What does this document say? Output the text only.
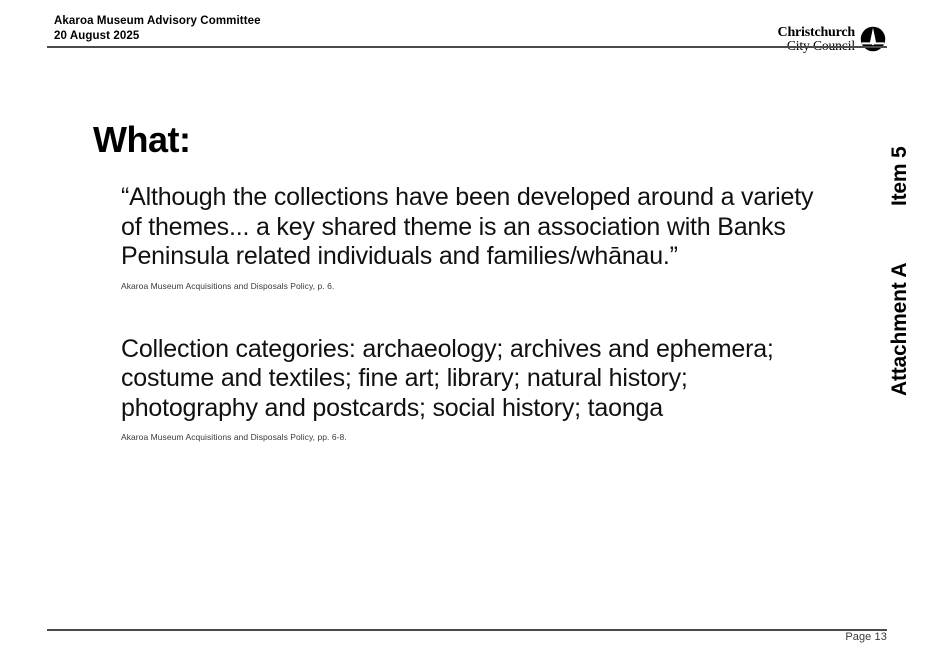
Akaroa Museum Advisory Committee
20 August 2025	Christchurch
What:

“Although the collections have been developed around a variety of themes... a key shared theme is an association with Banks Peninsula related individuals and families/whānau.”

Akaroa Museum Acquisitions and Disposals Policy, p. 6.

Collection categories: archaeology; archives and ephemera; costume and textiles; fine art; library; natural history; photography and postcards; social history; taonga

Akaroa Museum Acquisitions and Disposals Policy, pp. 6-8.

Item 5
Attachment A
Page 13
